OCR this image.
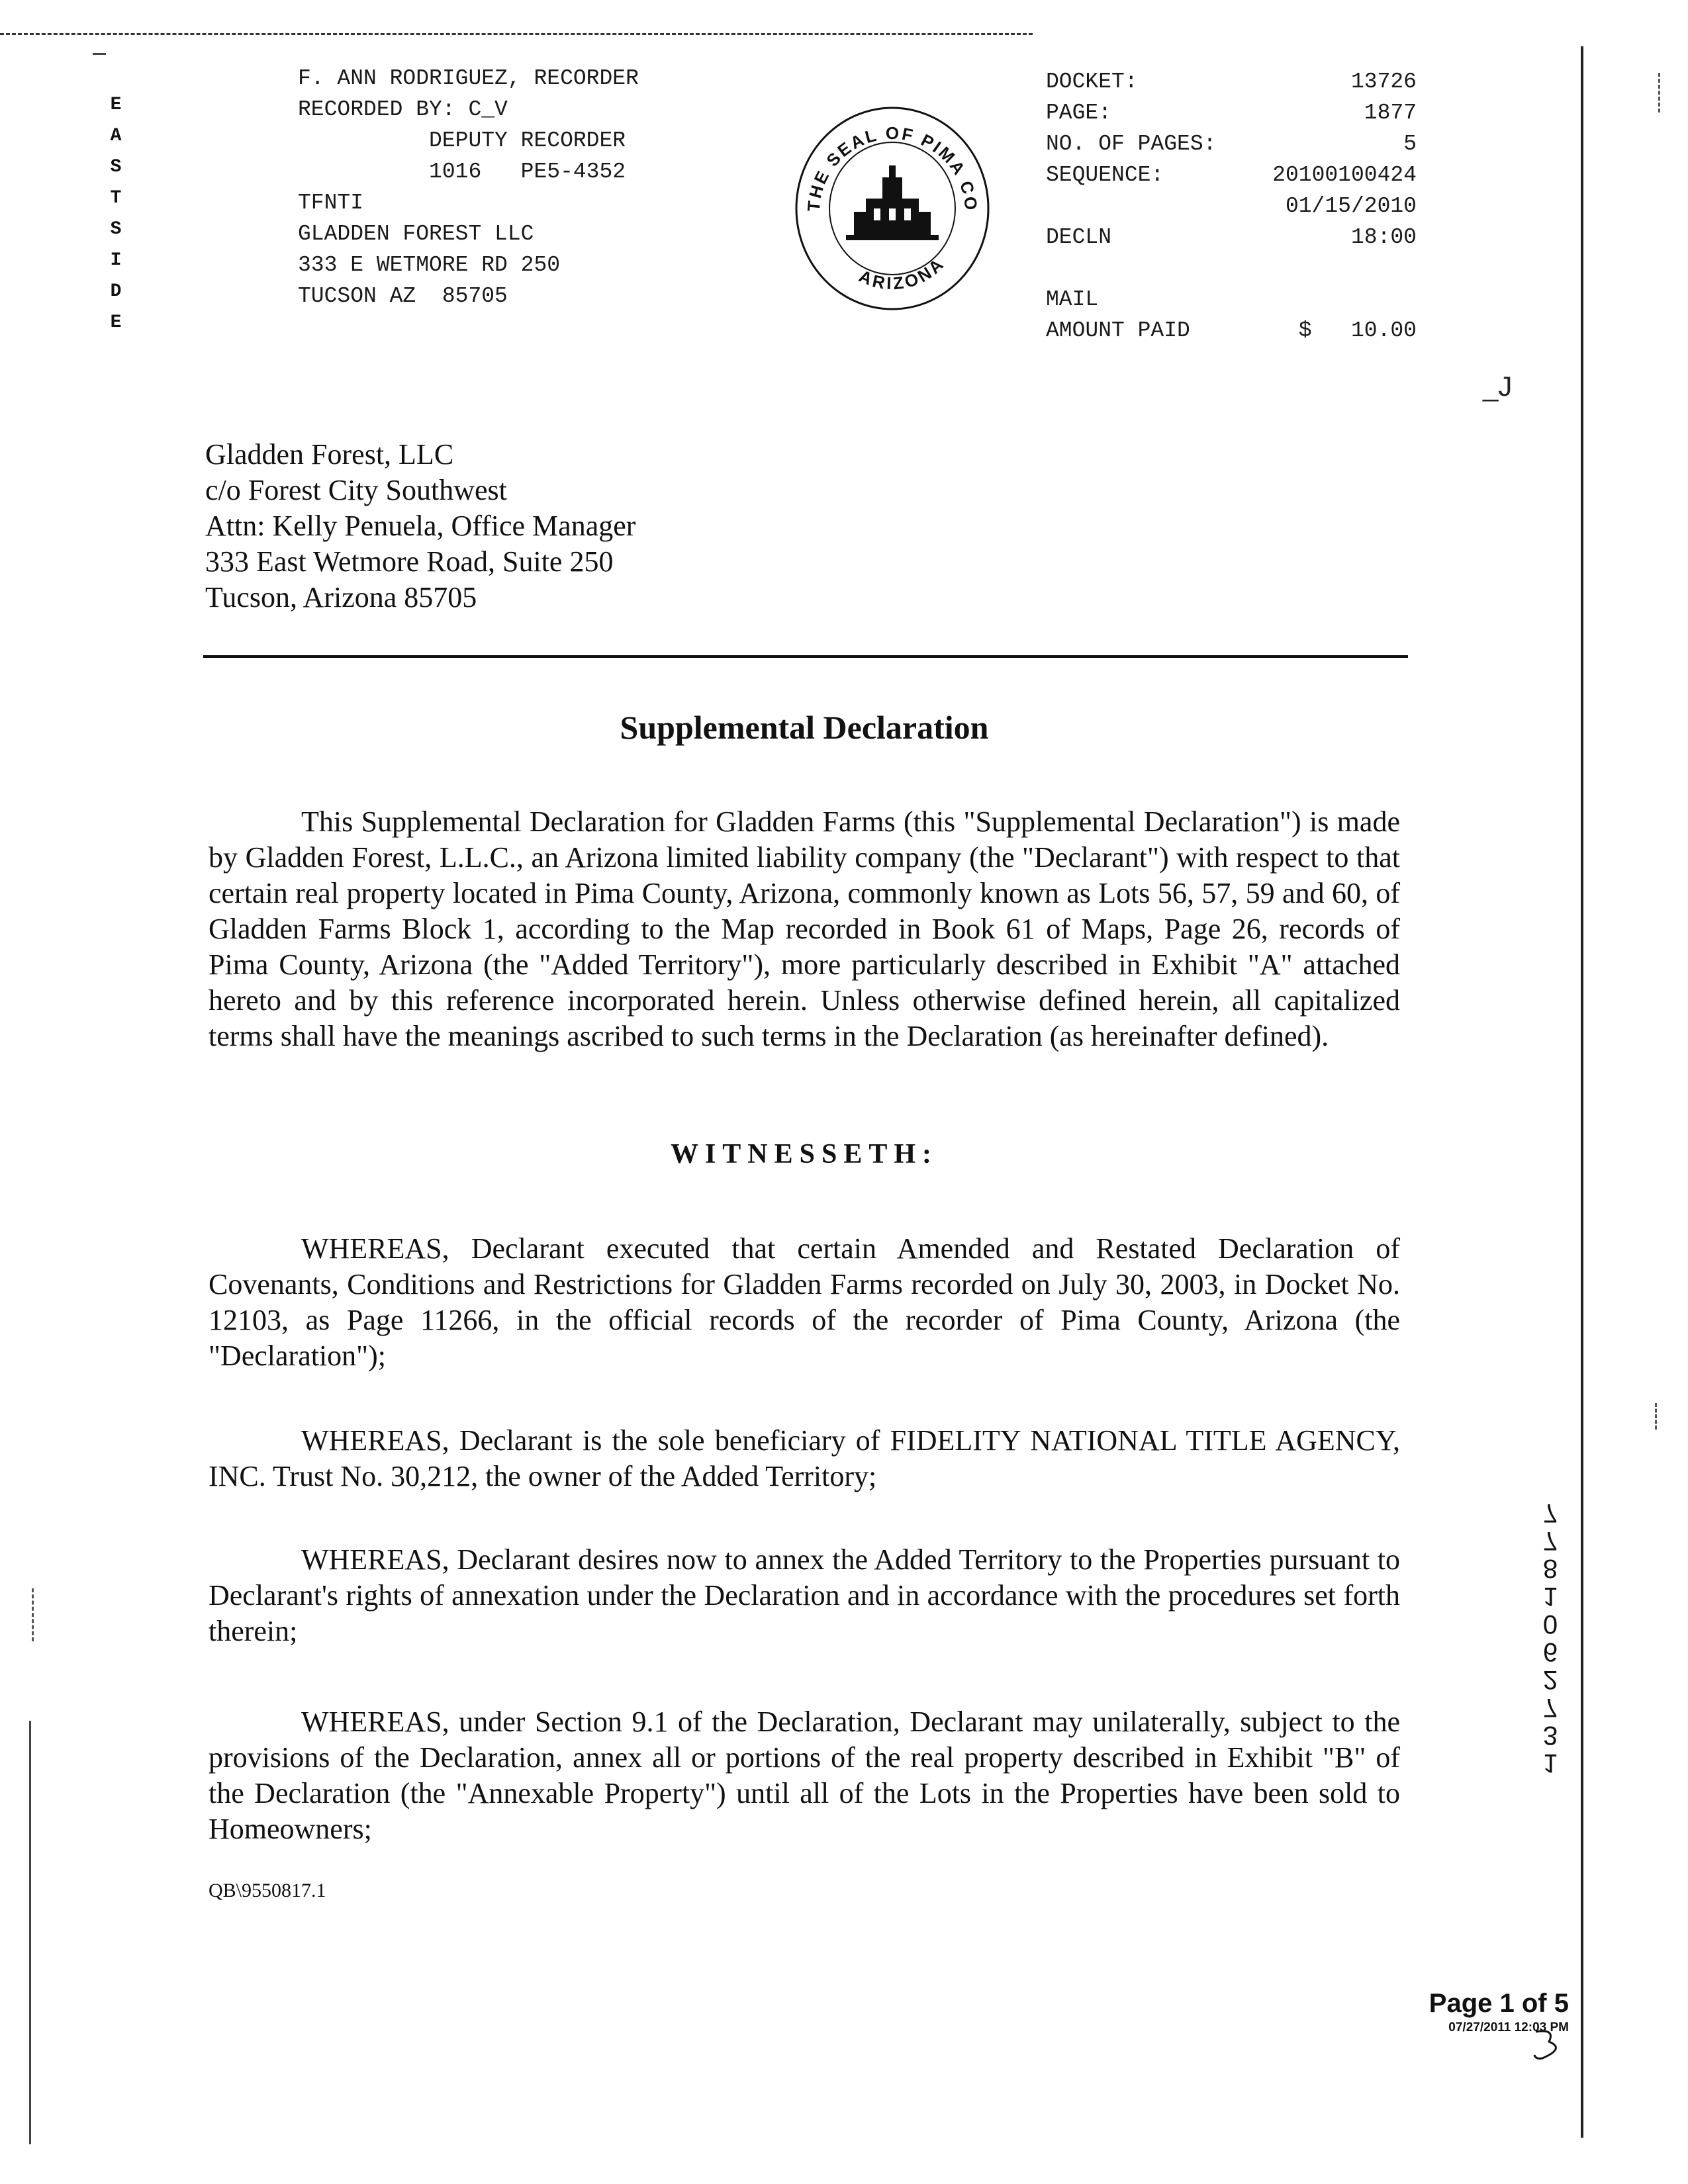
_J
E
A
S
T
S
I
D
E
F. ANN RODRIGUEZ, RECORDER
RECORDED BY: C_V
DEPUTY RECORDER
1016   PE5-4352
TFNTI
GLADDEN FOREST LLC
333 E WETMORE RD 250
TUCSON AZ  85705
THE SEAL OF PIMA CO
ARIZONA
DOCKET:	13726
PAGE:	1877
NO. OF PAGES:	5
SEQUENCE:	20100100424
01/15/2010
DECLN	18:00
MAIL
AMOUNT PAID	$ 10.00
Gladden Forest, LLC
c/o Forest City Southwest
Attn: Kelly Penuela, Office Manager
333 East Wetmore Road, Suite 250
Tucson, Arizona 85705
Supplemental Declaration
This Supplemental Declaration for Gladden Farms (this "Supplemental Declaration") is made by Gladden Forest, L.L.C., an Arizona limited liability company (the "Declarant") with respect to that certain real property located in Pima County, Arizona, commonly known as Lots 56, 57, 59 and 60, of Gladden Farms Block 1, according to the Map recorded in Book 61 of Maps, Page 26, records of Pima County, Arizona (the "Added Territory"), more particularly described in Exhibit "A" attached hereto and by this reference incorporated herein. Unless otherwise defined herein, all capitalized terms shall have the meanings ascribed to such terms in the Declaration (as hereinafter defined).
WITNESSETH:
WHEREAS, Declarant executed that certain Amended and Restated Declaration of Covenants, Conditions and Restrictions for Gladden Farms recorded on July 30, 2003, in Docket No. 12103, as Page 11266, in the official records of the recorder of Pima County, Arizona (the "Declaration");
WHEREAS, Declarant is the sole beneficiary of FIDELITY NATIONAL TITLE AGENCY, INC. Trust No. 30,212, the owner of the Added Territory;
WHEREAS, Declarant desires now to annex the Added Territory to the Properties pursuant to Declarant's rights of annexation under the Declaration and in accordance with the procedures set forth therein;
WHEREAS, under Section 9.1 of the Declaration, Declarant may unilaterally, subject to the provisions of the Declaration, annex all or portions of the real property described in Exhibit "B" of the Declaration (the "Annexable Property") until all of the Lots in the Properties have been sold to Homeowners;
QB\9550817.1
1
3
7
2
6
0
1
8
7
7
Page 1 of 5
07/27/2011 12:03 PM
